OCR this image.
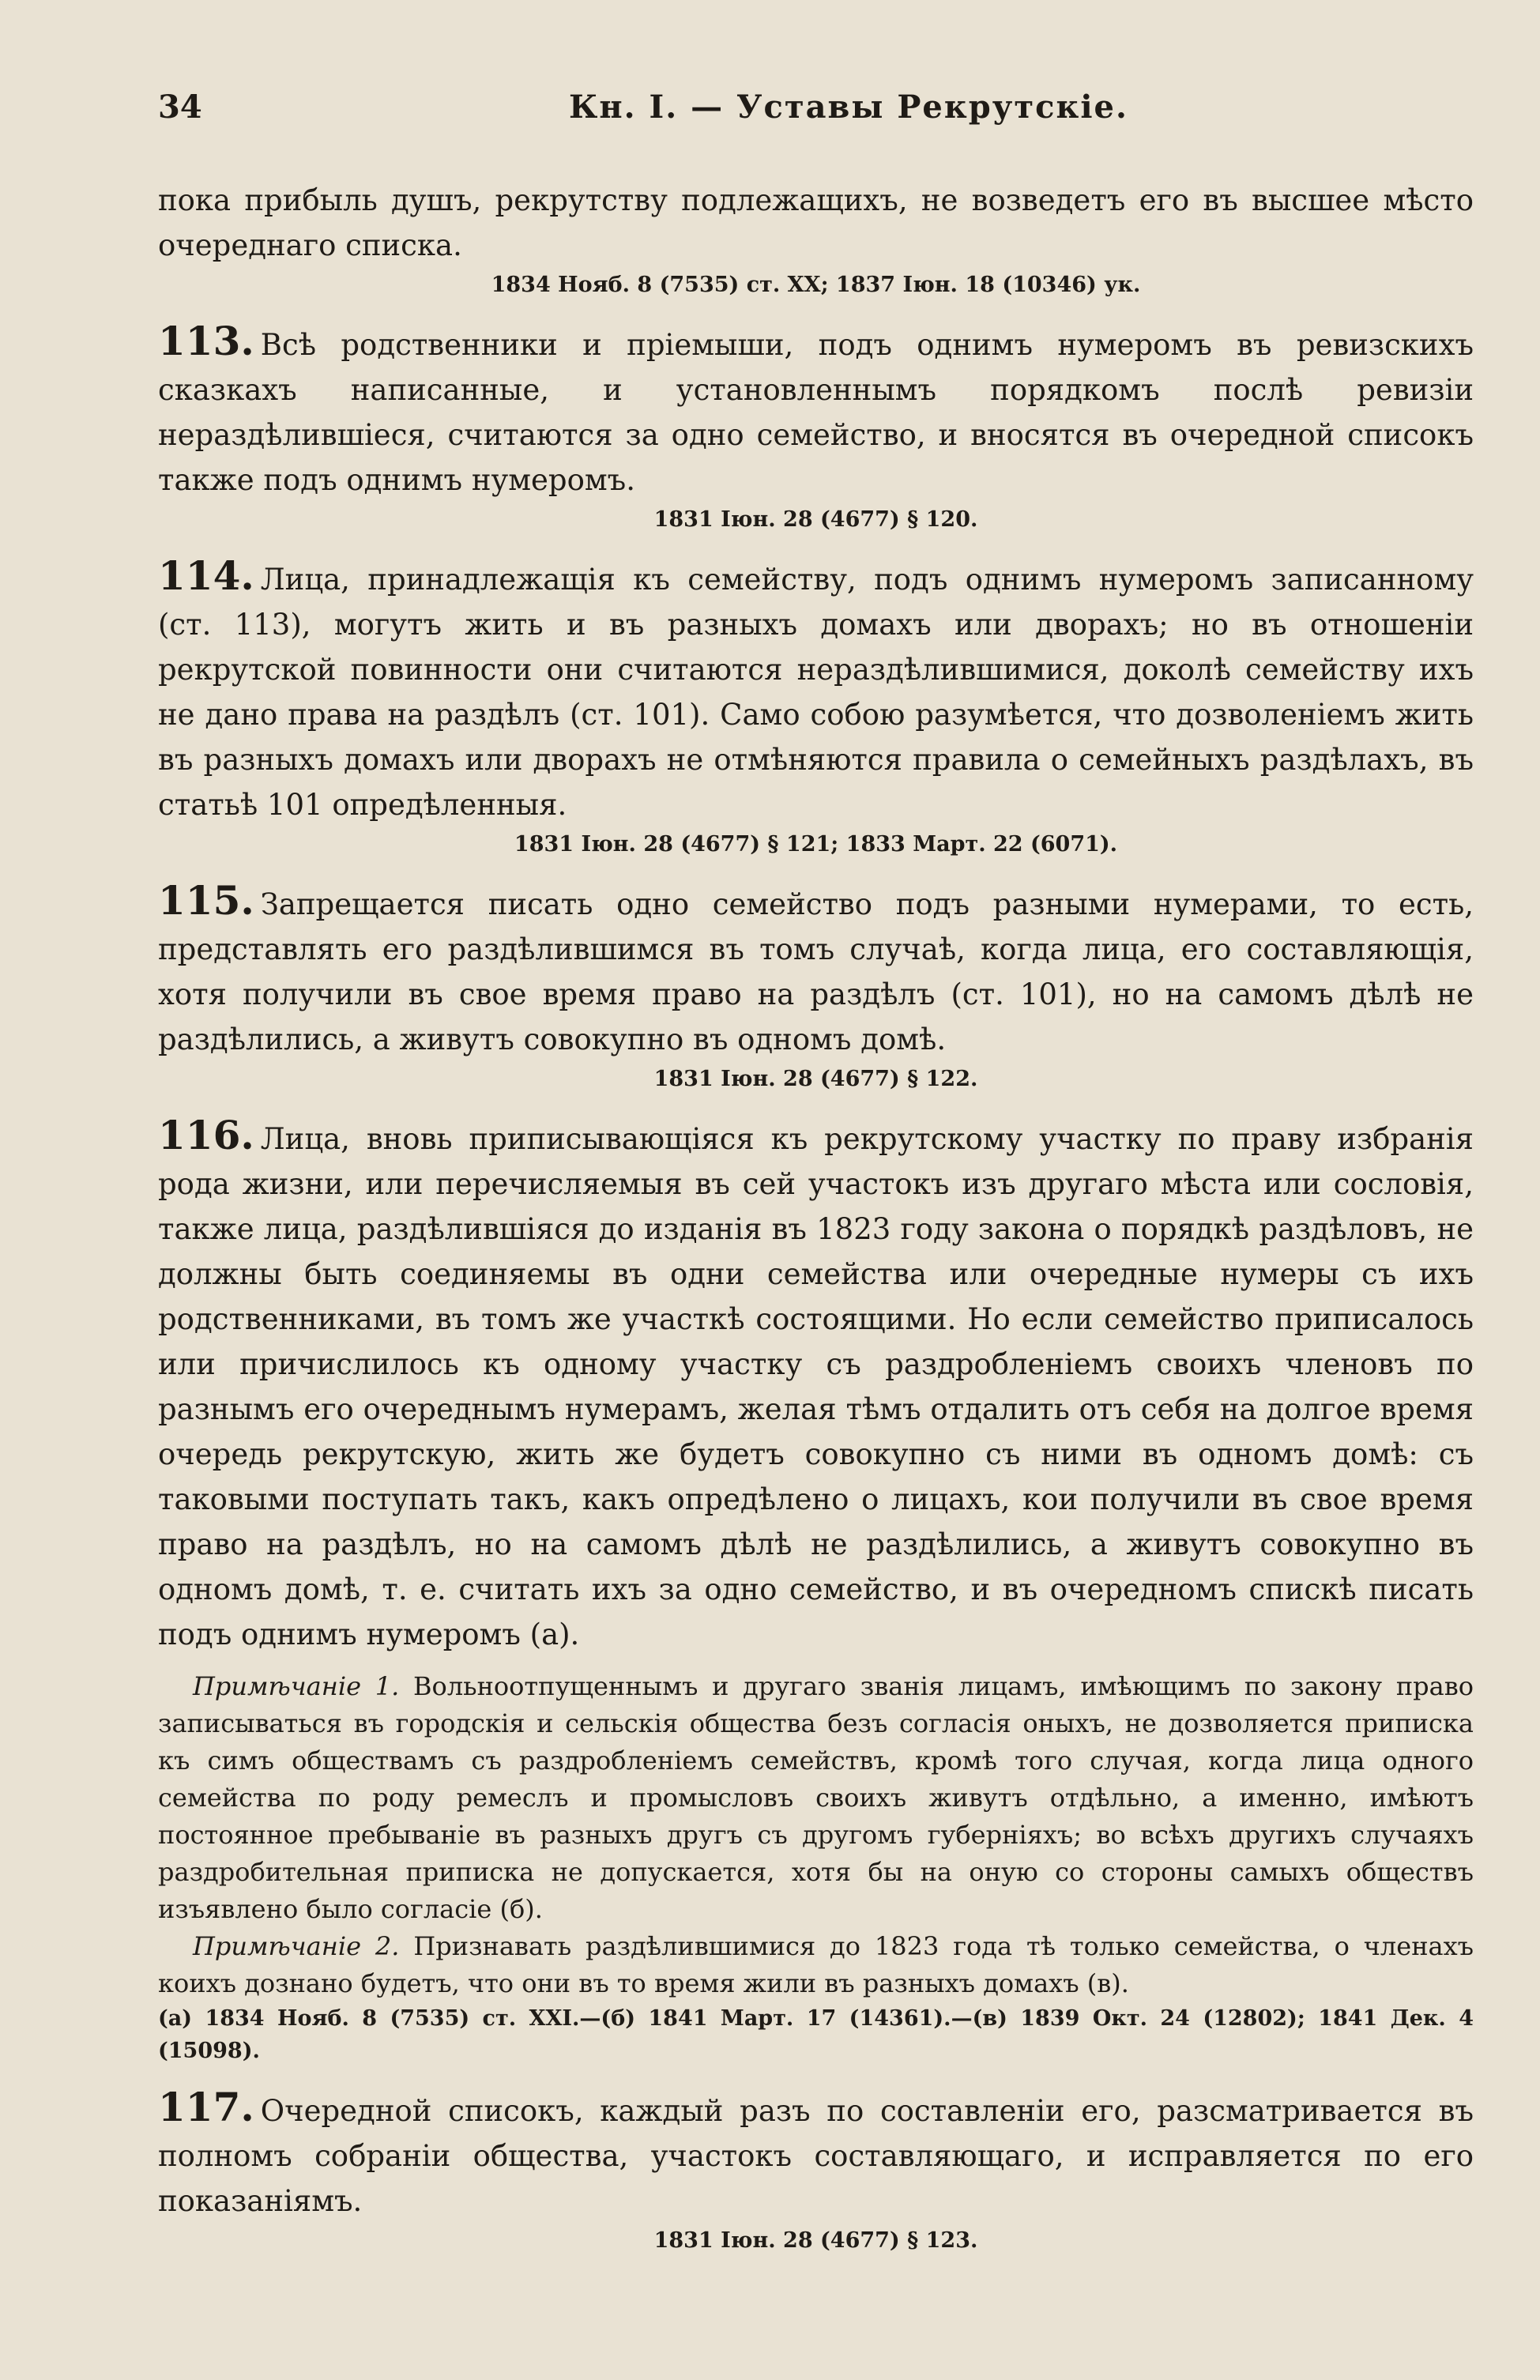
34	Кн. I. — Уставы Рекрутскіе.

пока прибыль душъ, рекрутству подлежащихъ, не возведетъ его въ высшее мѣсто очереднаго списка.

1834 Нояб. 8 (7535) ст. XX; 1837 Іюн. 18 (10346) ук.

113. Всѣ родственники и пріемыши, подъ однимъ нумеромъ въ ревизскихъ сказкахъ написанные, и установленнымъ порядкомъ послѣ ревизіи нераздѣлившіеся, считаются за одно семейство, и вносятся въ очередной списокъ также подъ однимъ нумеромъ.

1831 Іюн. 28 (4677) § 120.

114. Лица, принадлежащія къ семейству, подъ однимъ нумеромъ записанному (ст. 113), могутъ жить и въ разныхъ домахъ или дворахъ; но въ отношеніи рекрутской повинности они считаются нераздѣлившимися, доколѣ семейству ихъ не дано права на раздѣлъ (ст. 101). Само собою разумѣется, что дозволеніемъ жить въ разныхъ домахъ или дворахъ не отмѣняются правила о семейныхъ раздѣлахъ, въ статьѣ 101 опредѣленныя.

1831 Іюн. 28 (4677) § 121; 1833 Март. 22 (6071).

115. Запрещается писать одно семейство подъ разными нумерами, то есть, представлять его раздѣлившимся въ томъ случаѣ, когда лица, его составляющія, хотя получили въ свое время право на раздѣлъ (ст. 101), но на самомъ дѣлѣ не раздѣлились, а живутъ совокупно въ одномъ домѣ.

1831 Іюн. 28 (4677) § 122.

116. Лица, вновь приписывающіяся къ рекрутскому участку по праву избранія рода жизни, или перечисляемыя въ сей участокъ изъ другаго мѣста или сословія, также лица, раздѣлившіяся до изданія въ 1823 году закона о порядкѣ раздѣловъ, не должны быть соединяемы въ одни семейства или очередные нумеры съ ихъ родственниками, въ томъ же участкѣ состоящими. Но если семейство приписалось или причислилось къ одному участку съ раздробленіемъ своихъ членовъ по разнымъ его очереднымъ нумерамъ, желая тѣмъ отдалить отъ себя на долгое время очередь рекрутскую, жить же будетъ совокупно съ ними въ одномъ домѣ: съ таковыми поступать такъ, какъ опредѣлено о лицахъ, кои получили въ свое время право на раздѣлъ, но на самомъ дѣлѣ не раздѣлились, а живутъ совокупно въ одномъ домѣ, т. е. считать ихъ за одно семейство, и въ очередномъ спискѣ писать подъ однимъ нумеромъ (а).

Примѣчаніе 1. Вольноотпущеннымъ и другаго званія лицамъ, имѣющимъ по закону право записываться въ городскія и сельскія общества безъ согласія оныхъ, не дозволяется приписка къ симъ обществамъ съ раздробленіемъ семействъ, кромѣ того случая, когда лица одного семейства по роду ремеслъ и промысловъ своихъ живутъ отдѣльно, а именно, имѣютъ постоянное пребываніе въ разныхъ другъ съ другомъ губерніяхъ; во всѣхъ другихъ случаяхъ раздробительная приписка не допускается, хотя бы на оную со стороны самыхъ обществъ изъявлено было согласіе (б).

Примѣчаніе 2. Признавать раздѣлившимися до 1823 года тѣ только семейства, о членахъ коихъ дознано будетъ, что они въ то время жили въ разныхъ домахъ (в).

(а) 1834 Нояб. 8 (7535) ст. XXI.—(б) 1841 Март. 17 (14361).—(в) 1839 Окт. 24 (12802); 1841 Дек. 4 (15098).

117. Очередной списокъ, каждый разъ по составленіи его, разсматривается въ полномъ собраніи общества, участокъ составляющаго, и исправляется по его показаніямъ.

1831 Іюн. 28 (4677) § 123.
